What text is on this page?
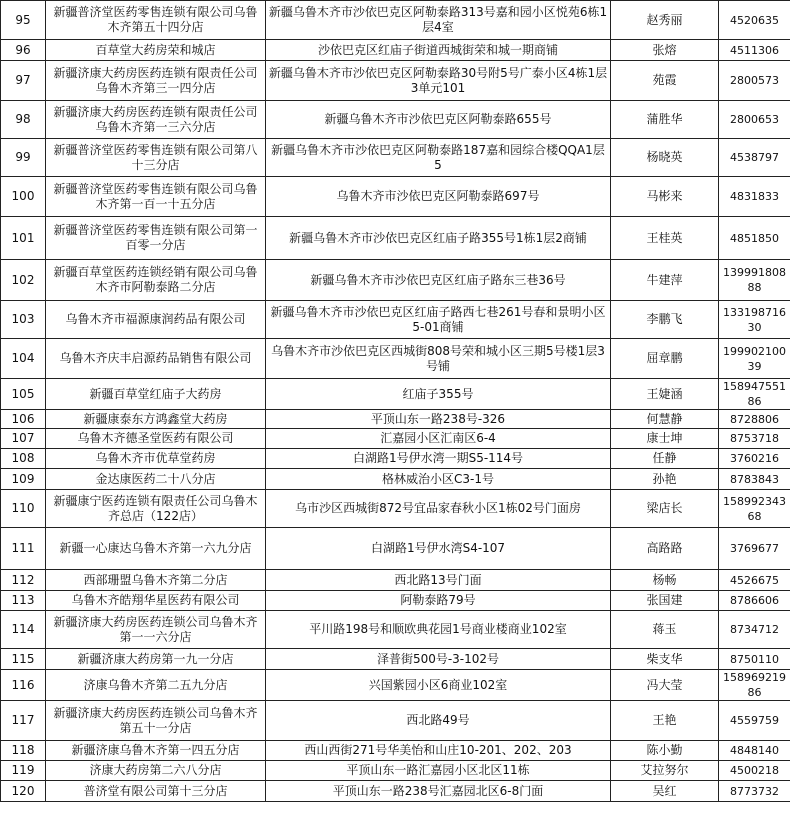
95	新疆普济堂医药零售连锁有限公司乌鲁木齐第五十四分店	新疆乌鲁木齐市沙依巴克区阿勒泰路313号嘉和园小区悦苑6栋1层4室	赵秀丽	4520635
96	百草堂大药房荣和城店	沙依巴克区红庙子街道西城街荣和城一期商铺	张熔	4511306
97	新疆济康大药房医药连锁有限责任公司乌鲁木齐第三一四分店	新疆乌鲁木齐市沙依巴克区阿勒泰路30号附5号广泰小区4栋1层3单元101	苑霞	2800573
98	新疆济康大药房医药连锁有限责任公司乌鲁木齐第一三六分店	新疆乌鲁木齐市沙依巴克区阿勒泰路655号	蒲胜华	2800653
99	新疆普济堂医药零售连锁有限公司第八十三分店	新疆乌鲁木齐市沙依巴克区阿勒泰路187嘉和园综合楼QQA1层5	杨晓英	4538797
100	新疆普济堂医药零售连锁有限公司乌鲁木齐第一百一十五分店	乌鲁木齐市沙依巴克区阿勒泰路697号	马彬来	4831833
101	新疆普济堂医药零售连锁有限公司第一百零一分店	新疆乌鲁木齐市沙依巴克区红庙子路355号1栋1层2商铺	王桂英	4851850
102	新疆百草堂医药连锁经销有限公司乌鲁木齐市阿勒泰路二分店	新疆乌鲁木齐市沙依巴克区红庙子路东三巷36号	牛建萍	13999180888
103	乌鲁木齐市福源康润药品有限公司	新疆乌鲁木齐市沙依巴克区红庙子路西七巷261号春和景明小区5-01商铺	李鹏飞	13319871630
104	乌鲁木齐庆丰启源药品销售有限公司	乌鲁木齐市沙依巴克区西城街808号荣和城小区三期5号楼1层3号铺	屈章鹏	19990210039
105	新疆百草堂红庙子大药房	红庙子355号	王婕涵	15894755186
106	新疆康泰东方鸿鑫堂大药房	平顶山东一路238号-326	何慧静	8728806
107	乌鲁木齐德圣堂医药有限公司	汇嘉园小区汇南区6-4	康士坤	8753718
108	乌鲁木齐市优草堂药房	白湖路1号伊水湾一期S5-114号	任静	3760216
109	金达康医药二十八分店	格林威治小区C3-1号	孙艳	8783843
110	新疆康宁医药连锁有限责任公司乌鲁木齐总店（122店）	乌市沙区西城街872号宜品家春秋小区1栋02号门面房	梁店长	15899234368
111	新疆一心康达乌鲁木齐第一六九分店	白湖路1号伊水湾S4-107	高路路	3769677
112	西部珊盟乌鲁木齐第二分店	西北路13号门面	杨畅	4526675
113	乌鲁木齐皓翔华星医药有限公司	阿勒泰路79号	张国建	8786606
114	新疆济康大药房医药连锁公司乌鲁木齐第一一六分店	平川路198号和顺欧典花园1号商业楼商业102室	蒋玉	8734712
115	新疆济康大药房第一九一分店	泽普街500号-3-102号	柴支华	8750110
116	济康乌鲁木齐第二五九分店	兴国紫园小区6商业102室	冯大莹	15896921986
117	新疆济康大药房医药连锁公司乌鲁木齐第五十一分店	西北路49号	王艳	4559759
118	新疆济康乌鲁木齐第一四五分店	西山西街271号华美怡和山庄10-201、202、203	陈小勤	4848140
119	济康大药房第二六八分店	平顶山东一路汇嘉园小区北区11栋	艾拉努尔	4500218
120	普济堂有限公司第十三分店	平顶山东一路238号汇嘉园北区6-8门面	吴红	8773732
